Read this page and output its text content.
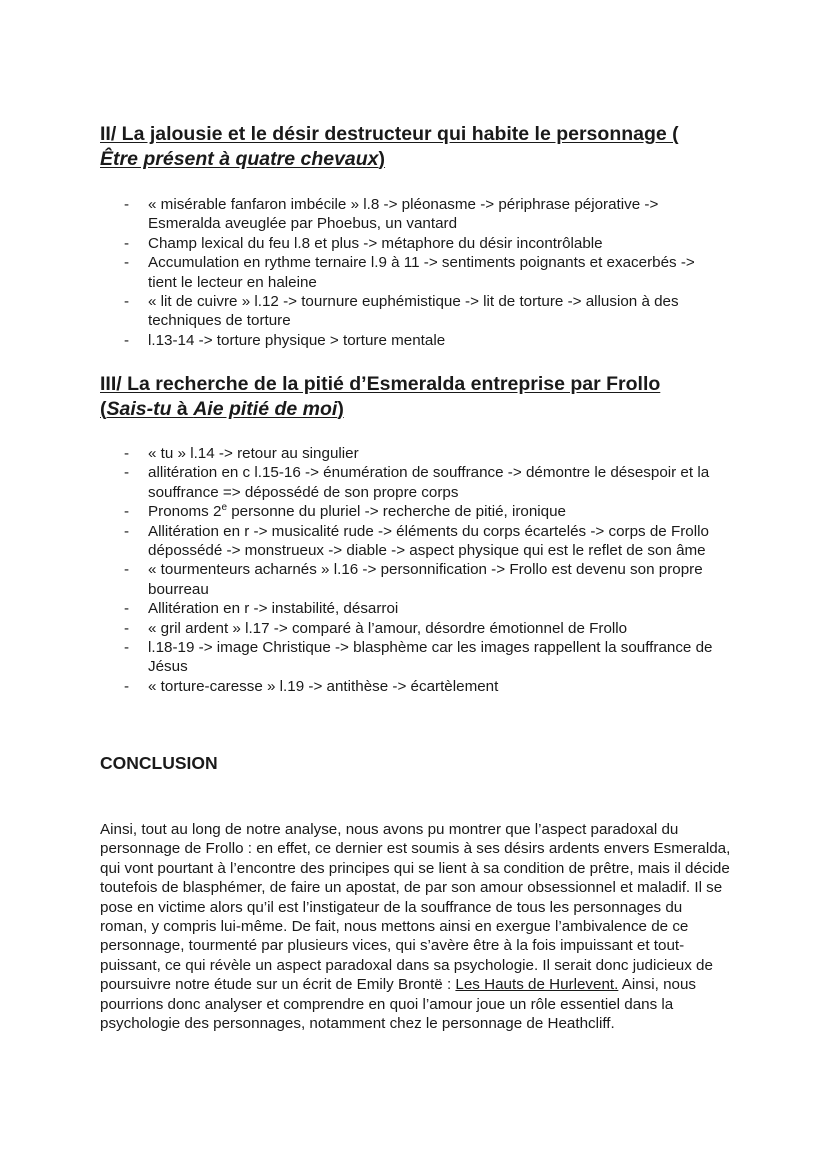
II/ La jalousie et le désir destructeur qui habite le personnage (
Être présent à quatre chevaux)
- « misérable fanfaron imbécile » l.8 -> pléonasme -> périphrase péjorative -> Esmeralda aveuglée par Phoebus, un vantard
- Champ lexical du feu l.8 et plus -> métaphore du désir incontrôlable
- Accumulation en rythme ternaire l.9 à 11 -> sentiments poignants et exacerbés -> tient le lecteur en haleine
- « lit de cuivre » l.12 -> tournure euphémistique -> lit de torture -> allusion à des techniques de torture
- l.13-14 -> torture physique > torture mentale
III/ La recherche de la pitié d’Esmeralda entreprise par Frollo
(Sais-tu à Aie pitié de moi)
- « tu » l.14 -> retour au singulier
- allitération en c l.15-16 -> énumération de souffrance -> démontre le désespoir et la souffrance => dépossédé de son propre corps
- Pronoms 2e personne du pluriel -> recherche de pitié, ironique
- Allitération en r -> musicalité rude -> éléments du corps écartelés -> corps de Frollo dépossédé -> monstrueux -> diable -> aspect physique qui est le reflet de son âme
- « tourmenteurs acharnés » l.16 -> personnification -> Frollo est devenu son propre bourreau
- Allitération en r -> instabilité, désarroi
- « gril ardent » l.17 -> comparé à l’amour, désordre émotionnel de Frollo
- l.18-19 -> image Christique -> blasphème car les images rappellent la souffrance de Jésus
- « torture-caresse » l.19 -> antithèse -> écartèlement
CONCLUSION

Ainsi, tout au long de notre analyse, nous avons pu montrer que l’aspect paradoxal du personnage de Frollo : en effet, ce dernier est soumis à ses désirs ardents envers Esmeralda, qui vont pourtant à l’encontre des principes qui se lient à sa condition de prêtre, mais il décide toutefois de blasphémer, de faire un apostat, de par son amour obsessionnel et maladif. Il se pose en victime alors qu’il est l’instigateur de la souffrance de tous les personnages du roman, y compris lui-même. De fait, nous mettons ainsi en exergue l’ambivalence de ce personnage, tourmenté par plusieurs vices, qui s’avère être à la fois impuissant et tout-puissant, ce qui révèle un aspect paradoxal dans sa psychologie. Il serait donc judicieux de poursuivre notre étude sur un écrit de Emily Brontë : Les Hauts de Hurlevent. Ainsi, nous pourrions donc analyser et comprendre en quoi l’amour joue un rôle essentiel dans la psychologie des personnages, notamment chez le personnage de Heathcliff.
